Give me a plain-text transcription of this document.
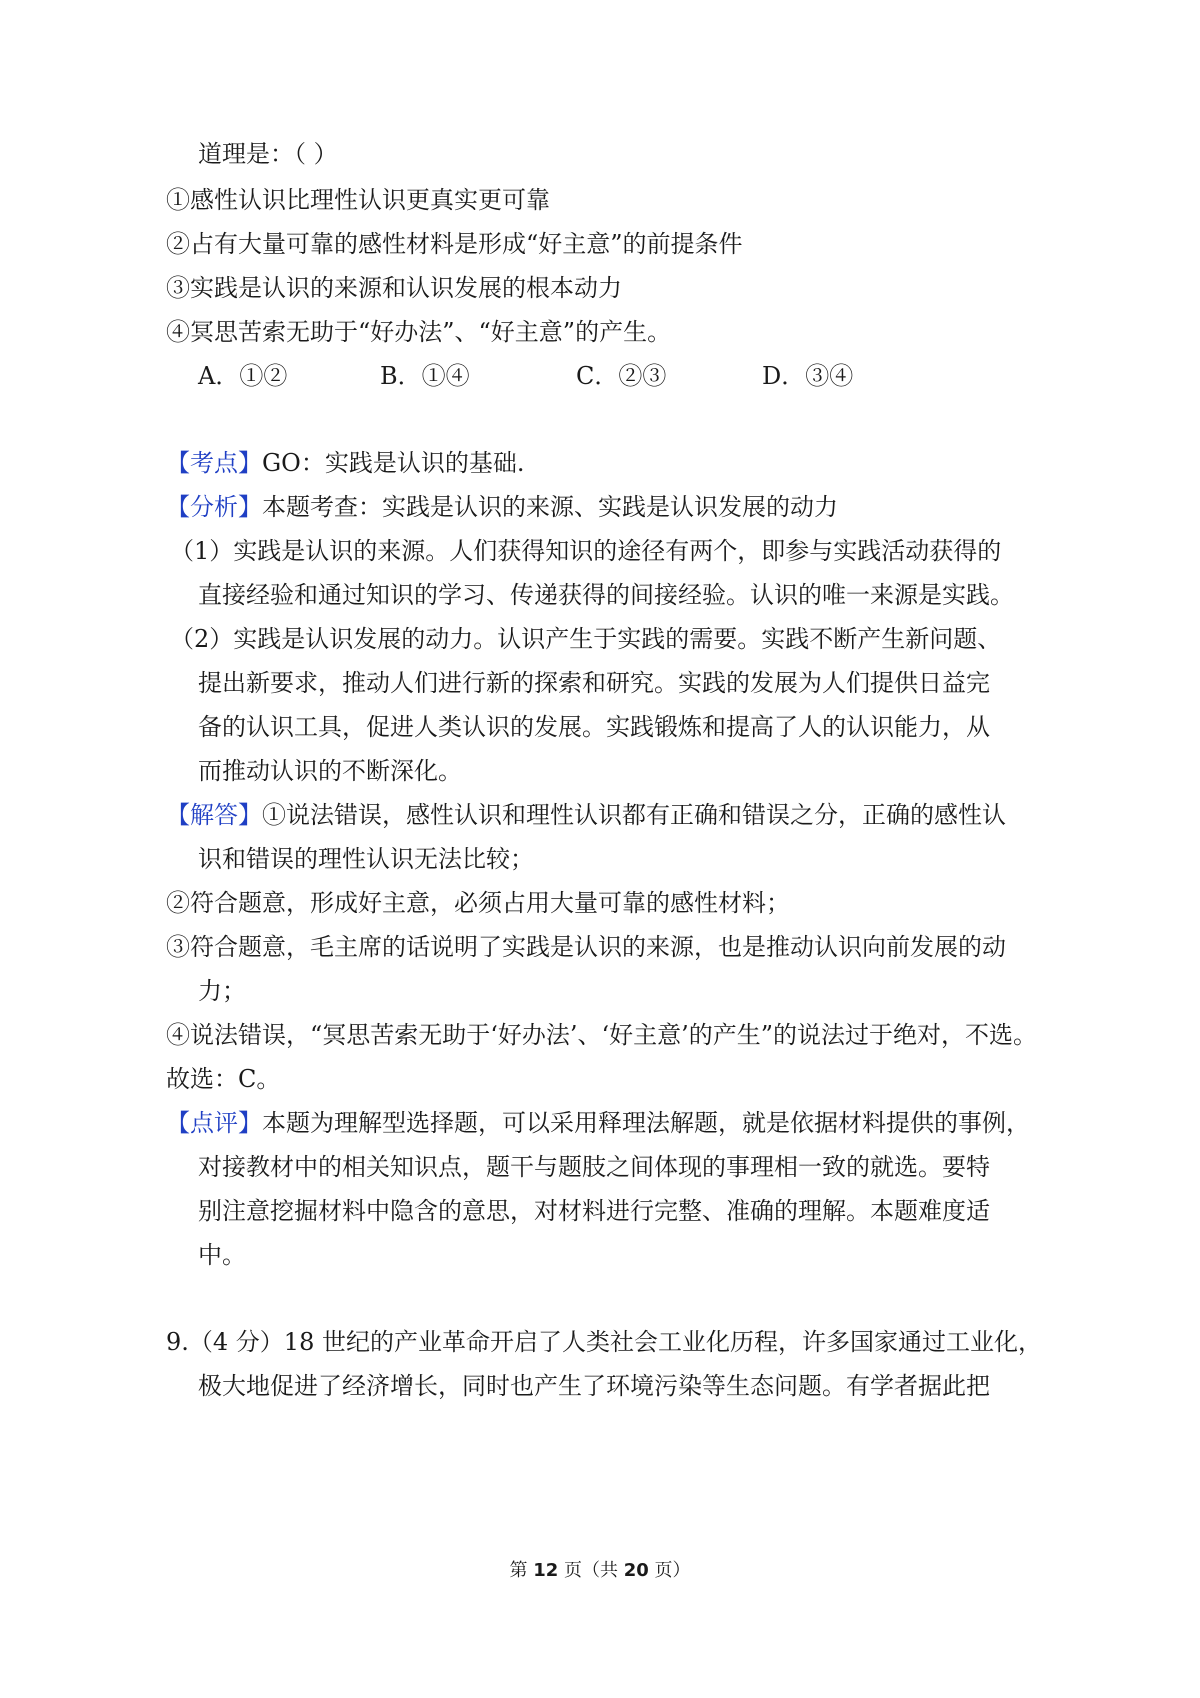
道理是：（ ）
①感性认识比理性认识更真实更可靠
②占有大量可靠的感性材料是形成“好主意”的前提条件
③实践是认识的来源和认识发展的根本动力
④冥思苦索无助于“好办法”、“好主意”的产生。
A．①②	B．①④	C．②③	D．③④
【考点】GO：实践是认识的基础.
【分析】本题考查：实践是认识的来源、实践是认识发展的动力
（1）实践是认识的来源。人们获得知识的途径有两个，即参与实践活动获得的
直接经验和通过知识的学习、传递获得的间接经验。认识的唯一来源是实践。
（2）实践是认识发展的动力。认识产生于实践的需要。实践不断产生新问题、
提出新要求，推动人们进行新的探索和研究。实践的发展为人们提供日益完
备的认识工具，促进人类认识的发展。实践锻炼和提高了人的认识能力，从
而推动认识的不断深化。
【解答】①说法错误，感性认识和理性认识都有正确和错误之分，正确的感性认
识和错误的理性认识无法比较；
②符合题意，形成好主意，必须占用大量可靠的感性材料；
③符合题意，毛主席的话说明了实践是认识的来源，也是推动认识向前发展的动
力；
④说法错误，“冥思苦索无助于‘好办法’、‘好主意’的产生”的说法过于绝对，不选。
故选：C。
【点评】本题为理解型选择题，可以采用释理法解题，就是依据材料提供的事例，
对接教材中的相关知识点，题干与题肢之间体现的事理相一致的就选。要特
别注意挖掘材料中隐含的意思，对材料进行完整、准确的理解。本题难度适
中。
9.（4 分）18 世纪的产业革命开启了人类社会工业化历程，许多国家通过工业化，
极大地促进了经济增长，同时也产生了环境污染等生态问题。有学者据此把
第 12 页（共 20 页）
